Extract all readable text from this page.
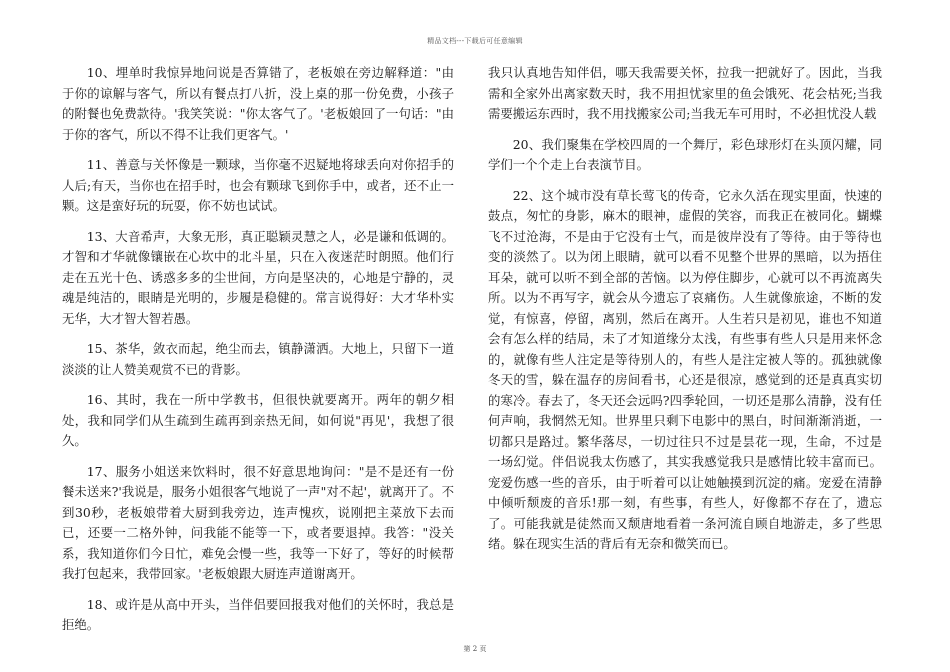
精品文档---下载后可任意编辑

10、埋单时我惊异地问说是否算错了，老板娘在旁边解释道："由于你的谅解与客气，所以有餐点打八折，没上桌的那一份免费，小孩子的附餐也免费款待。'我笑笑说："你太客气了。'老板娘回了一句话："由于你的客气，所以不得不让我们更客气。'

11、善意与关怀像是一颗球，当你毫不迟疑地将球丢向对你招手的人后;有天，当你也在招手时，也会有颗球飞到你手中，或者，还不止一颗。这是蛮好玩的玩耍，你不妨也试试。

13、大音希声，大象无形，真正聪颖灵慧之人，必是谦和低调的。才智和才华就像镶嵌在心坎中的北斗星，只在入夜迷茫时朗照。他们行走在五光十色、诱惑多多的尘世间，方向是坚决的，心地是宁静的，灵魂是纯洁的，眼睛是光明的，步履是稳健的。常言说得好：大才华朴实无华，大才智大智若愚。

15、茶华，敛衣而起，绝尘而去，镇静潇洒。大地上，只留下一道淡淡的让人赞美观赏不已的背影。

16、其时，我在一所中学教书，但很快就要离开。两年的朝夕相处，我和同学们从生疏到生疏再到亲热无间，如何说"再见'，我想了很久。

17、服务小姐送来饮料时，很不好意思地询问："是不是还有一份餐未送来?'我说是，服务小姐很客气地说了一声"对不起'，就离开了。不到30秒，老板娘带着大厨到我旁边，连声愧疚，说刚把主菜放下去而已，还要一二格外钟，问我能不能等一下，或者要退掉。我答："没关系，我知道你们今日忙，难免会慢一些，我等一下好了，等好的时候帮我打包起来，我带回家。'老板娘跟大厨连声道谢离开。

18、或许是从高中开头，当伴侣要回报我对他们的关怀时，我总是拒绝。

我只认真地告知伴侣，哪天我需要关怀，拉我一把就好了。因此，当我需和全家外出离家数天时，我不用担忧家里的鱼会饿死、花会枯死;当我需要搬运东西时，我不用找搬家公司;当我无车可用时，不必担忧没人载

20、我们聚集在学校四周的一个舞厅，彩色球形灯在头顶闪耀，同学们一个个走上台表演节目。

22、这个城市没有草长莺飞的传奇，它永久活在现实里面，快速的鼓点，匆忙的身影，麻木的眼神，虚假的笑容，而我正在被同化。蝴蝶飞不过沧海，不是由于它没有士气，而是彼岸没有了等待。由于等待也变的淡然了。以为闭上眼睛，就可以看不见整个世界的黑暗，以为捂住耳朵，就可以听不到全部的苦恼。以为停住脚步，心就可以不再流离失所。以为不再写字，就会从今遗忘了哀痛伤。人生就像旅途，不断的发觉，有惊喜，停留，离别，然后在离开。人生若只是初见，谁也不知道会有怎么样的结局，未了才知道缘分太浅，有些事有些人只是用来怀念的，就像有些人注定是等待别人的，有些人是注定被人等的。孤独就像冬天的雪，躲在温存的房间看书，心还是很凉，感觉到的还是真真实切的寒冷。春去了，冬天还会远吗?四季轮回，一切还是那么清静，没有任何声响，我惘然无知。世界里只剩下电影中的黑白，时间渐渐消逝，一切都只是路过。繁华落尽，一切过往只不过是昙花一现，生命，不过是一场幻觉。伴侣说我太伤感了，其实我感觉我只是感情比较丰富而已。宠爱伤感一些的音乐，由于听着可以让她触摸到沉淀的痛。宠爱在清静中倾听颓废的音乐!那一刻，有些事，有些人，好像都不存在了，遗忘了。可能我就是徒然而又颓唐地看着一条河流自顾自地游走，多了些思绪。躲在现实生活的背后有无奈和微笑而已。

第 2 页
